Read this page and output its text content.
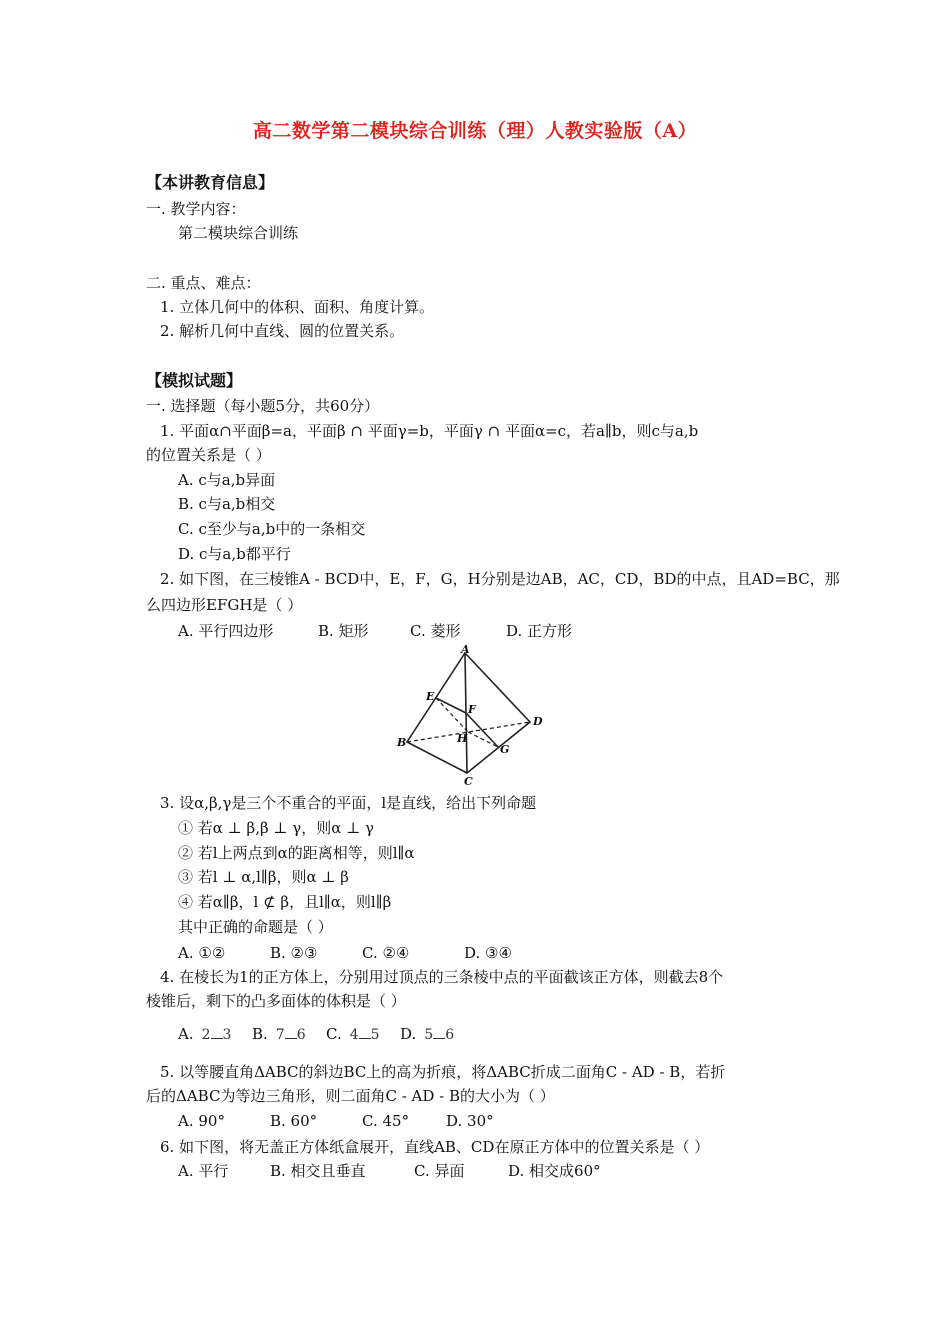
高二数学第二模块综合训练（理）人教实验版（A）
【本讲教育信息】
一. 教学内容：
第二模块综合训练
二. 重点、难点：
1. 立体几何中的体积、面积、角度计算。
2. 解析几何中直线、圆的位置关系。
【模拟试题】
一. 选择题（每小题5分，共60分）
1. 平面α∩平面β=a，平面β ∩ 平面γ=b，平面γ ∩ 平面α=c，若a∥b，则c与a,b
的位置关系是（ ）
A. c与a,b异面
B. c与a,b相交
C. c至少与a,b中的一条相交
D. c与a,b都平行
2. 如下图，在三棱锥A - BCD中，E，F，G，H分别是边AB，AC，CD，BD的中点，且AD=BC，那
么四边形EFGH是（ ）
A. 平行四边形	B. 矩形	C. 菱形	D. 正方形
A
E
F
D
B	H
G
C
3. 设α,β,γ是三个不重合的平面，l是直线，给出下列命题
① 若α ⊥ β,β ⊥ γ，则α ⊥ γ
② 若l上两点到α的距离相等，则l∥α
③ 若l ⊥ α,l∥β，则α ⊥ β
④ 若α∥β，l ⊄ β，且l∥α，则l∥β
其中正确的命题是（ ）
A. ①②	B. ②③	C. ②④	D. ③④
4. 在棱长为1的正方体上，分别用过顶点的三条棱中点的平面截该正方体，则截去8个
棱锥后，剩下的凸多面体的体积是（ ）
A. 2 3 B. 7 6 C. 4 5 D. 5 6
5. 以等腰直角ΔABC的斜边BC上的高为折痕，将ΔABC折成二面角C - AD - B，若折
后的ΔABC为等边三角形，则二面角C - AD - B的大小为（ ）
A. 90°	B. 60°	C. 45° D. 30°
6. 如下图，将无盖正方体纸盒展开，直线AB、CD在原正方体中的位置关系是（ ）
A. 平行	B. 相交且垂直	C. 异面	D. 相交成60°
